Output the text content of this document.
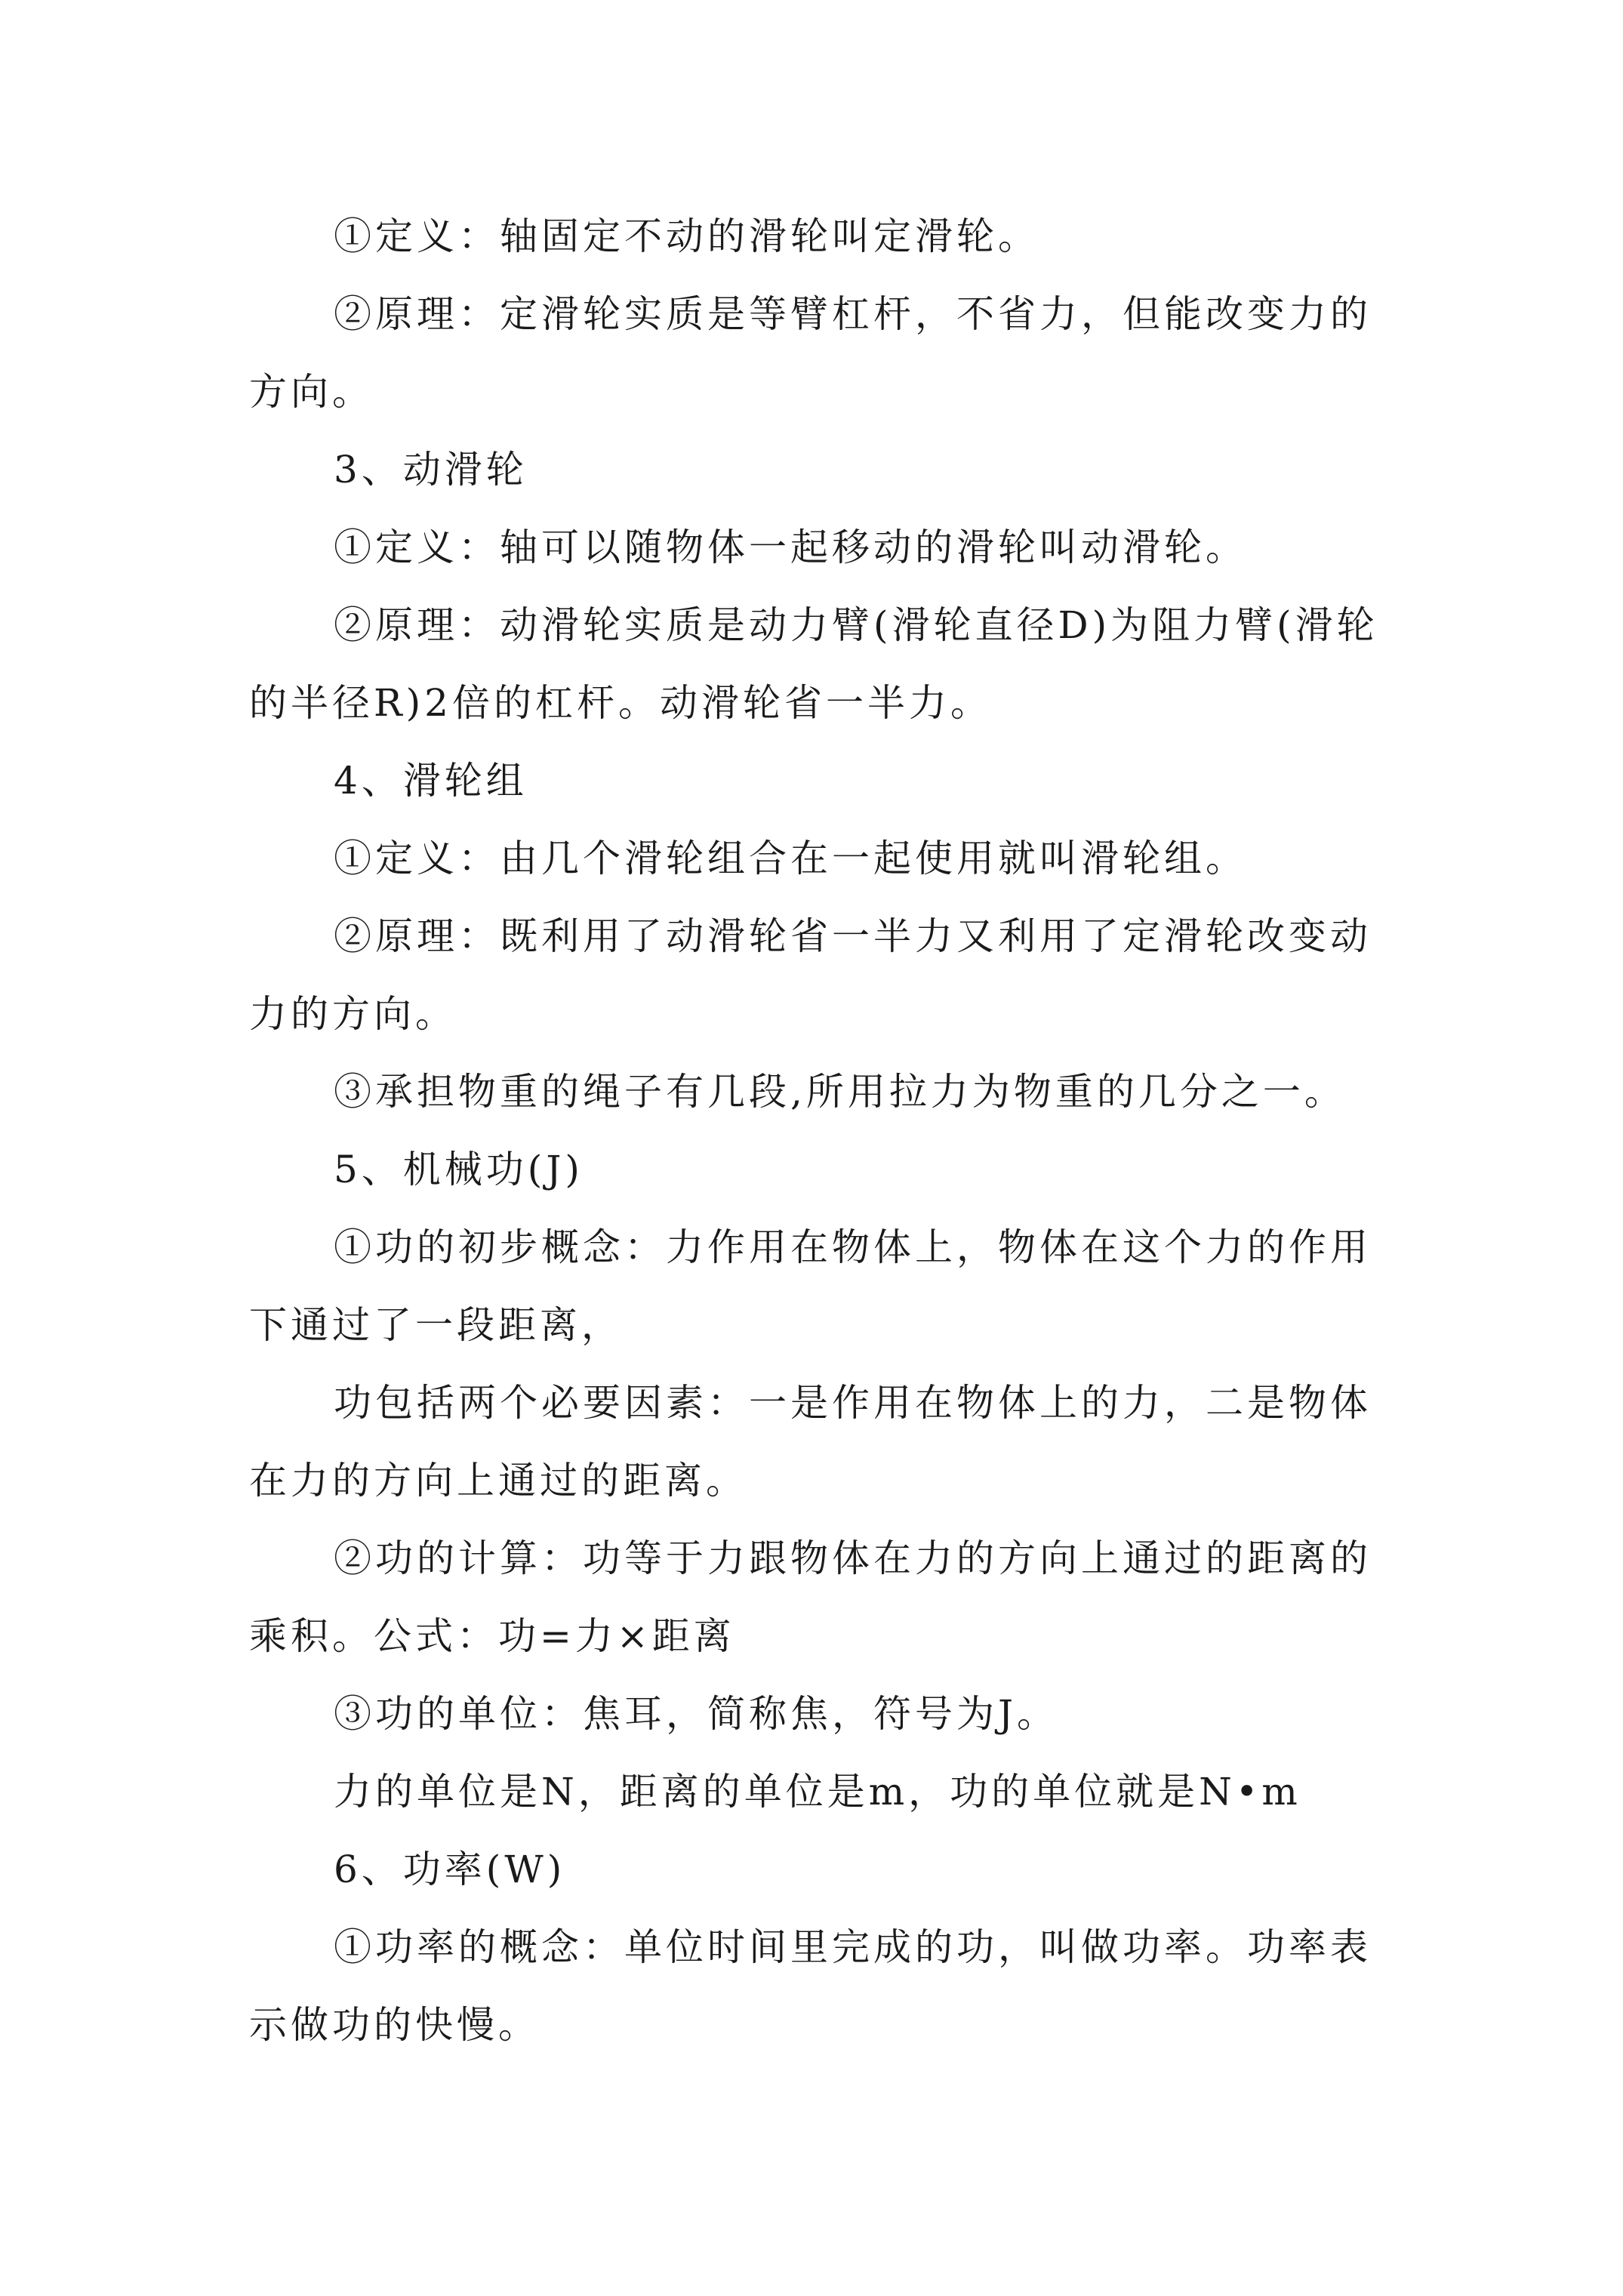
①定义：轴固定不动的滑轮叫定滑轮。

②原理：定滑轮实质是等臂杠杆，不省力，但能改变力的方向。

3、动滑轮

①定义：轴可以随物体一起移动的滑轮叫动滑轮。

②原理：动滑轮实质是动力臂(滑轮直径D)为阻力臂(滑轮的半径R)2倍的杠杆。动滑轮省一半力。

4、滑轮组

①定义：由几个滑轮组合在一起使用就叫滑轮组。

②原理：既利用了动滑轮省一半力又利用了定滑轮改变动力的方向。

③承担物重的绳子有几段,所用拉力为物重的几分之一。

5、机械功(J)

①功的初步概念：力作用在物体上，物体在这个力的作用下通过了一段距离，

功包括两个必要因素：一是作用在物体上的力，二是物体在力的方向上通过的距离。

②功的计算：功等于力跟物体在力的方向上通过的距离的乘积。公式：功=力×距离

③功的单位：焦耳，简称焦，符号为J。

力的单位是N，距离的单位是m，功的单位就是N•m

6、功率(W)

①功率的概念：单位时间里完成的功，叫做功率。功率表示做功的快慢。
